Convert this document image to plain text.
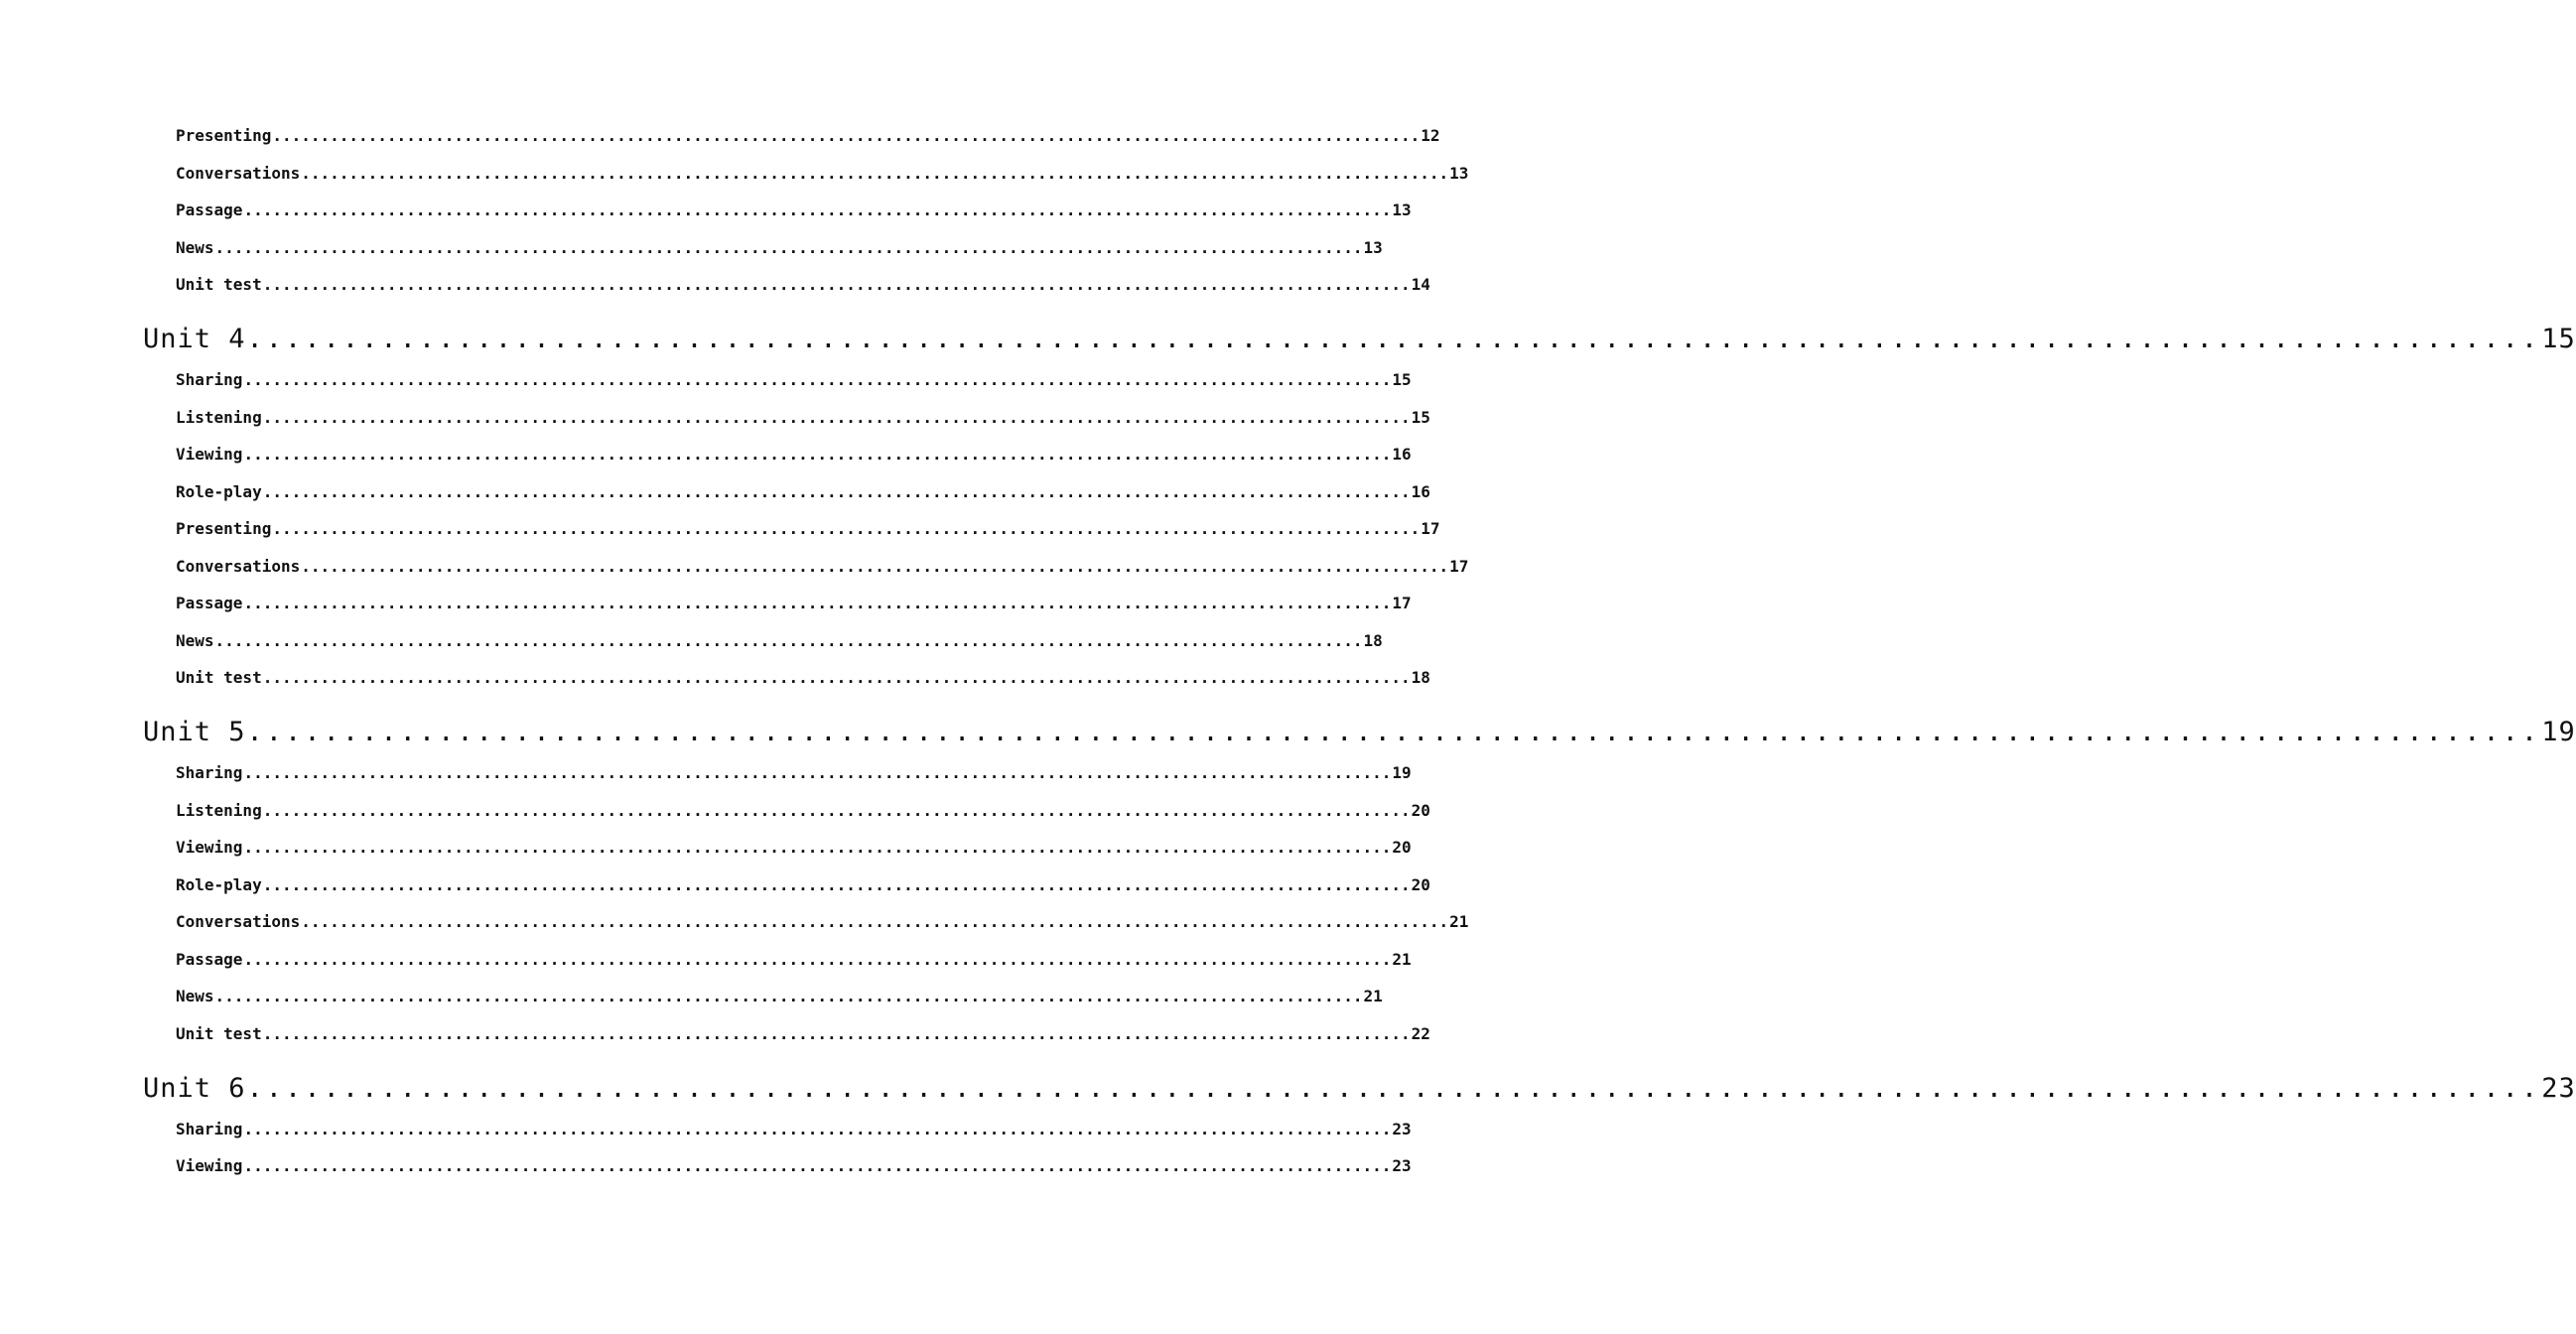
Presenting ........................................................................................................................ 12
Conversations ........................................................................................................................ 13
Passage ........................................................................................................................ 13
News ........................................................................................................................ 13
Unit test ........................................................................................................................ 14
Unit 4 ........................................................................................................................ 15
Sharing ........................................................................................................................ 15
Listening ........................................................................................................................ 15
Viewing ........................................................................................................................ 16
Role-play ........................................................................................................................ 16
Presenting ........................................................................................................................ 17
Conversations ........................................................................................................................ 17
Passage ........................................................................................................................ 17
News ........................................................................................................................ 18
Unit test ........................................................................................................................ 18
Unit 5 ........................................................................................................................ 19
Sharing ........................................................................................................................ 19
Listening ........................................................................................................................ 20
Viewing ........................................................................................................................ 20
Role-play ........................................................................................................................ 20
Conversations ........................................................................................................................ 21
Passage ........................................................................................................................ 21
News ........................................................................................................................ 21
Unit test ........................................................................................................................ 22
Unit 6 ........................................................................................................................ 23
Sharing ........................................................................................................................ 23
Viewing ........................................................................................................................ 23
